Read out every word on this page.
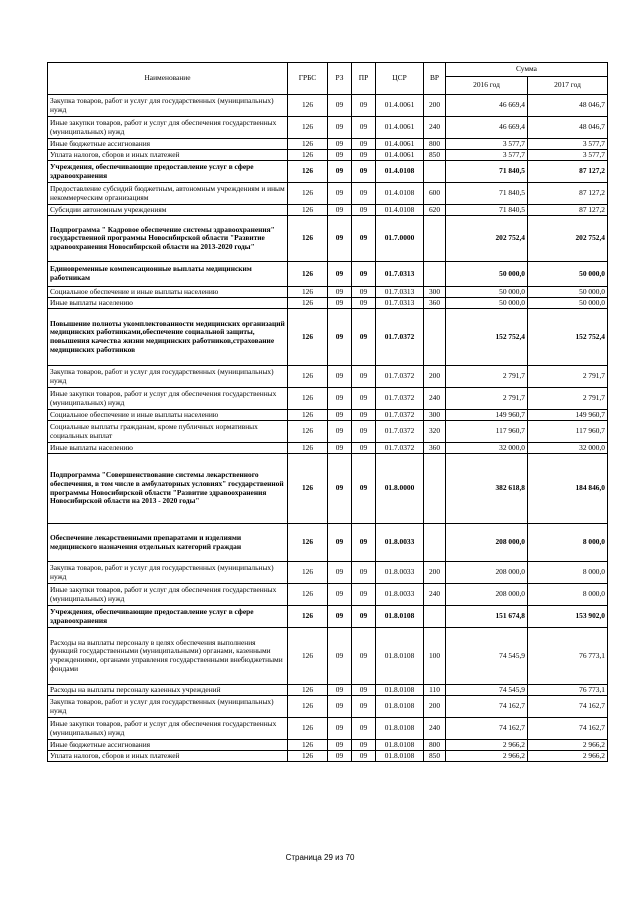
Наименование	ГРБС	РЗ	ПР	ЦСР	ВР	Сумма	
						2016 год	2017 год
Закупка товаров, работ и услуг для государственных (муниципальных) нужд	126	09	09	01.4.0061	200	46 669,4	48 046,7
Иные закупки товаров, работ и услуг для обеспечения государственных (муниципальных) нужд	126	09	09	01.4.0061	240	46 669,4	48 046,7
Иные бюджетные ассигнования	126	09	09	01.4.0061	800	3 577,7	3 577,7
Уплата налогов, сборов и иных платежей	126	09	09	01.4.0061	850	3 577,7	3 577,7
Учреждения, обеспечивающие предоставление услуг в сфере здравоохранения	126	09	09	01.4.0108		71 840,5	87 127,2
Предоставление субсидий бюджетным, автономным учреждениям и иным некоммерческим организациям	126	09	09	01.4.0108	600	71 840,5	87 127,2
Субсидии автономным учреждениям	126	09	09	01.4.0108	620	71 840,5	87 127,2
Подпрограмма " Кадровое обеспечение системы здравоохранения" государственной программы Новосибирской области "Развитие здравоохранения Новосибирской области на 2013-2020 годы"	126	09	09	01.7.0000		202 752,4	202 752,4
Единовременные компенсационные выплаты медицинским работникам	126	09	09	01.7.0313		50 000,0	50 000,0
Социальное обеспечение и иные выплаты населению	126	09	09	01.7.0313	300	50 000,0	50 000,0
Иные выплаты населению	126	09	09	01.7.0313	360	50 000,0	50 000,0
Повышение полноты укомплектованности медицинских организаций медицинских работниками,обеспечение социальной защиты, повышения качества жизни медицинских работников,страхование медицинских работников	126	09	09	01.7.0372		152 752,4	152 752,4
Закупка товаров, работ и услуг для государственных (муниципальных) нужд	126	09	09	01.7.0372	200	2 791,7	2 791,7
Иные закупки товаров, работ и услуг для обеспечения государственных (муниципальных) нужд	126	09	09	01.7.0372	240	2 791,7	2 791,7
Социальное обеспечение и иные выплаты населению	126	09	09	01.7.0372	300	149 960,7	149 960,7
Социальные выплаты гражданам, кроме публичных нормативных социальных выплат	126	09	09	01.7.0372	320	117 960,7	117 960,7
Иные выплаты населению	126	09	09	01.7.0372	360	32 000,0	32 000,0
Подпрограмма "Совершенствование системы лекарственного обеспечения, в том числе в амбулаторных условиях" государственной программы Новосибирской области "Развитие здравоохранения Новосибирской области на 2013 - 2020 годы"	126	09	09	01.8.0000		382 618,8	184 846,0
Обеспечение лекарственными препаратами и изделиями медицинского назначения отдельных категорий граждан	126	09	09	01.8.0033		208 000,0	8 000,0
Закупка товаров, работ и услуг для государственных (муниципальных) нужд	126	09	09	01.8.0033	200	208 000,0	8 000,0
Иные закупки товаров, работ и услуг для обеспечения государственных (муниципальных) нужд	126	09	09	01.8.0033	240	208 000,0	8 000,0
Учреждения, обеспечивающие предоставление услуг в сфере здравоохранения	126	09	09	01.8.0108		151 674,8	153 902,0
Расходы на выплаты персоналу в целях обеспечения выполнения функций государственными (муниципальными) органами, казенными учреждениями, органами управления государственными внебюджетными фондами	126	09	09	01.8.0108	100	74 545,9	76 773,1
Расходы на выплаты персоналу казенных учреждений	126	09	09	01.8.0108	110	74 545,9	76 773,1
Закупка товаров, работ и услуг для государственных (муниципальных) нужд	126	09	09	01.8.0108	200	74 162,7	74 162,7
Иные закупки товаров, работ и услуг для обеспечения государственных (муниципальных) нужд	126	09	09	01.8.0108	240	74 162,7	74 162,7
Иные бюджетные ассигнования	126	09	09	01.8.0108	800	2 966,2	2 966,2
Уплата налогов, сборов и иных платежей	126	09	09	01.8.0108	850	2 966,2	2 966,2
Страница 29 из 70
